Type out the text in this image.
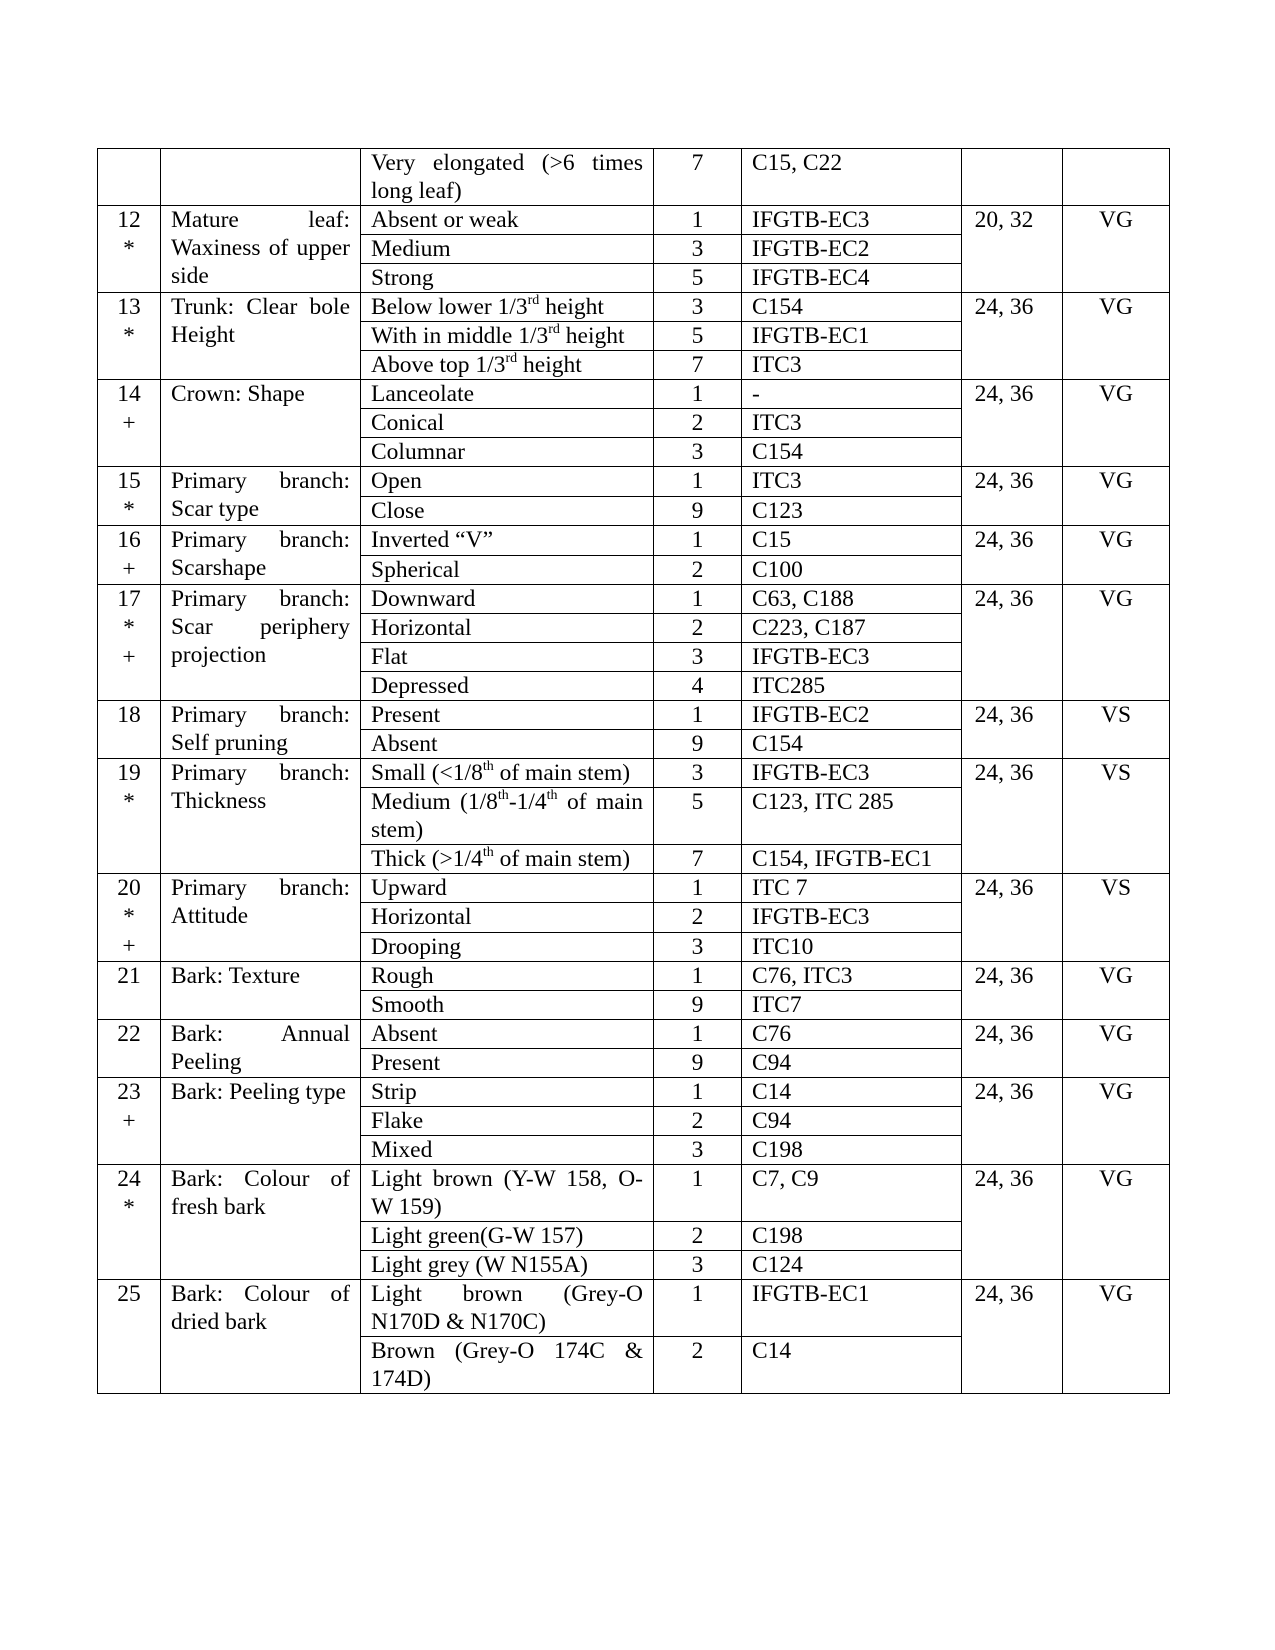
		Very elongated (>6 times long leaf)	7	C15, C22		

12
*	Mature leaf: Waxiness of upper side	Absent or weak	1	IFGTB-EC3	20, 32	VG
		Medium	3	IFGTB-EC2		
		Strong	5	IFGTB-EC4		

13
*	Trunk: Clear bole Height	Below lower 1/3rd height	3	C154	24, 36	VG
		With in middle 1/3rd height	5	IFGTB-EC1		
		Above top 1/3rd height	7	ITC3		

14
+	Crown: Shape	Lanceolate	1	-	24, 36	VG
		Conical	2	ITC3		
		Columnar	3	C154		

15
*	Primary branch: Scar type	Open	1	ITC3	24, 36	VG
		Close	9	C123		

16
+	Primary branch: Scarshape	Inverted “V”	1	C15	24, 36	VG
		Spherical	2	C100		

17
*
+	Primary branch: Scar periphery projection	Downward	1	C63, C188	24, 36	VG
		Horizontal	2	C223, C187		
		Flat	3	IFGTB-EC3		
		Depressed	4	ITC285		

18	Primary branch: Self pruning	Present	1	IFGTB-EC2	24, 36	VS
		Absent	9	C154		

19
*	Primary branch: Thickness	Small (<1/8th of main stem)	3	IFGTB-EC3	24, 36	VS
		Medium (1/8th-1/4th of main stem)	5	C123, ITC 285		
		Thick (>1/4th of main stem)	7	C154, IFGTB-EC1		

20
*
+	Primary branch: Attitude	Upward	1	ITC 7	24, 36	VS
		Horizontal	2	IFGTB-EC3		
		Drooping	3	ITC10		

21	Bark: Texture	Rough	1	C76, ITC3	24, 36	VG
		Smooth	9	ITC7		

22	Bark: Annual Peeling	Absent	1	C76	24, 36	VG
		Present	9	C94		

23
+	Bark: Peeling type	Strip	1	C14	24, 36	VG
		Flake	2	C94		
		Mixed	3	C198		

24
*	Bark: Colour of fresh bark	Light brown (Y-W 158, O-W 159)	1	C7, C9	24, 36	VG
		Light green(G-W 157)	2	C198		
		Light grey (W N155A)	3	C124		

25	Bark: Colour of dried bark	Light brown (Grey-O N170D & N170C)	1	IFGTB-EC1	24, 36	VG
		Brown (Grey-O 174C & 174D)	2	C14		
